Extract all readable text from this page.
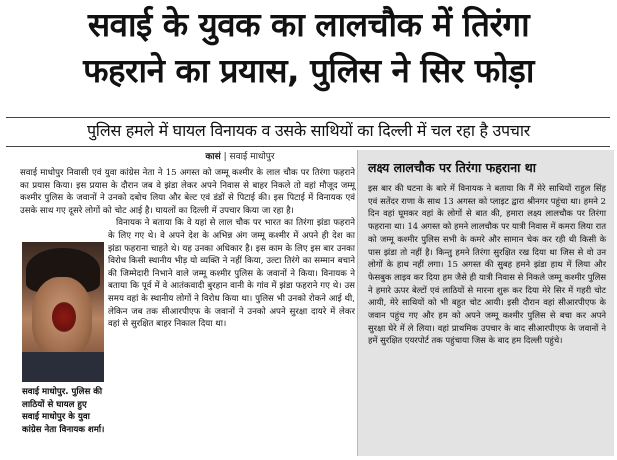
सवाई के युवक का लालचौक में तिरंगा
फहराने का प्रयास, पुलिस ने सिर फोड़ा
पुलिस हमले में घायल विनायक व उसके साथियों का दिल्ली में चल रहा है उपचार
कासं | सवाई माधोपुर

सवाई माधोपुर निवासी एवं युवा कांग्रेस नेता ने 15 अगस्त को जम्मू कश्मीर के लाल चौक पर तिरंगा फहराने का प्रयास किया। इस प्रयास के दौरान जब वे झंडा लेकर अपने निवास से बाहर निकले तो वहां मौजूद जम्मू कश्मीर पुलिस के जवानों ने उनको दबोच लिया और बेल्ट एवं डंडों से पिटाई की। इस पिटाई में विनायक एवं उसके साथ गए दूसरे लोगों को चोट आई है। घायलों का दिल्ली में उपचार किया जा रहा है।

विनायक ने बताया कि वे यहां से लाल चौक पर भारत का तिरंगा झंडा फहराने के लिए गए थे। वे अपने देश के अभिन्न अंग जम्मू कश्मीर में अपने ही देश का झंडा फहराना चाहते थे। यह उनका अधिकार है। इस काम के लिए इस बार उनका विरोध किसी स्थानीय भीड़ यो व्यक्ति ने नहीं किया, उल्टा तिरंगे का सम्मान बचाने की जिम्मेदारी निभाने वाले जम्मू कश्मीर पुलिस के जवानों ने किया। विनायक ने बताया कि पूर्व में वे आतंकवादी बुरहान वानी के गांव में झंडा फहराने गए थे। उस समय वहां के स्थानीय लोगों ने विरोध किया था। पुलिस भी उनको रोकने आई थी, लेकिन जब तक सीआरपीएफ के जवानों ने उनको अपने सुरक्षा दायरे में लेकर वहां से सुरक्षित बाहर निकाल दिया था।

सवाई माधोपुर. पुलिस की लाठियों से घायल हुए सवाई माधोपुर के युवा कांग्रेस नेता विनायक शर्मा।
लक्ष्य लालचौक पर तिरंगा फहराना था
इस बार की घटना के बारे में विनायक ने बताया कि मैं मेरे साथियों राहुल सिंह एवं सतेंदर राणा के साथ 13 अगस्त को प्लाइट द्वारा श्रीनगर पहुंचा था। हमने 2 दिन वहां घूमकर वहां के लोगों से बात की, हमारा लक्ष्य लालचौक पर तिरंगा फहराना था। 14 अगस्त को हमने लालचौक पर यात्री निवास में कमरा लिया रात को जम्मू कश्मीर पुलिस सभी के कमरे और सामान चेक कर रही थी किसी के पास झंडा तो नहीं है। किन्तु हमने तिरंगा सुरक्षित रख दिया था जिस से वो उन लोगों के हाथ नहीं लगा। 15 अगस्त की सुबह हमने झंडा हाथ में लिया और फेसबुक लाइव कर दिया हम जैसे ही यात्री निवास से निकले जम्मू कश्मीर पुलिस ने हमारे ऊपर बेल्टों एवं लाठियों से मारना शुरू कर दिया मेरे सिर में गहरी चोट आयी, मेरे साथियों को भी बहुत चोट आयी। इसी दौरान वहां सीआरपीएफ के जवान पहुंच गए और हम को अपने जम्मू कश्मीर पुलिस से बचा कर अपने सुरक्षा घेरे में ले लिया। वहां प्राथमिक उपचार के बाद सीआरपीएफ के जवानों ने हमें सुरक्षित एयरपोर्ट तक पहुंचाया जिस के बाद हम दिल्ली पहुंचे।
